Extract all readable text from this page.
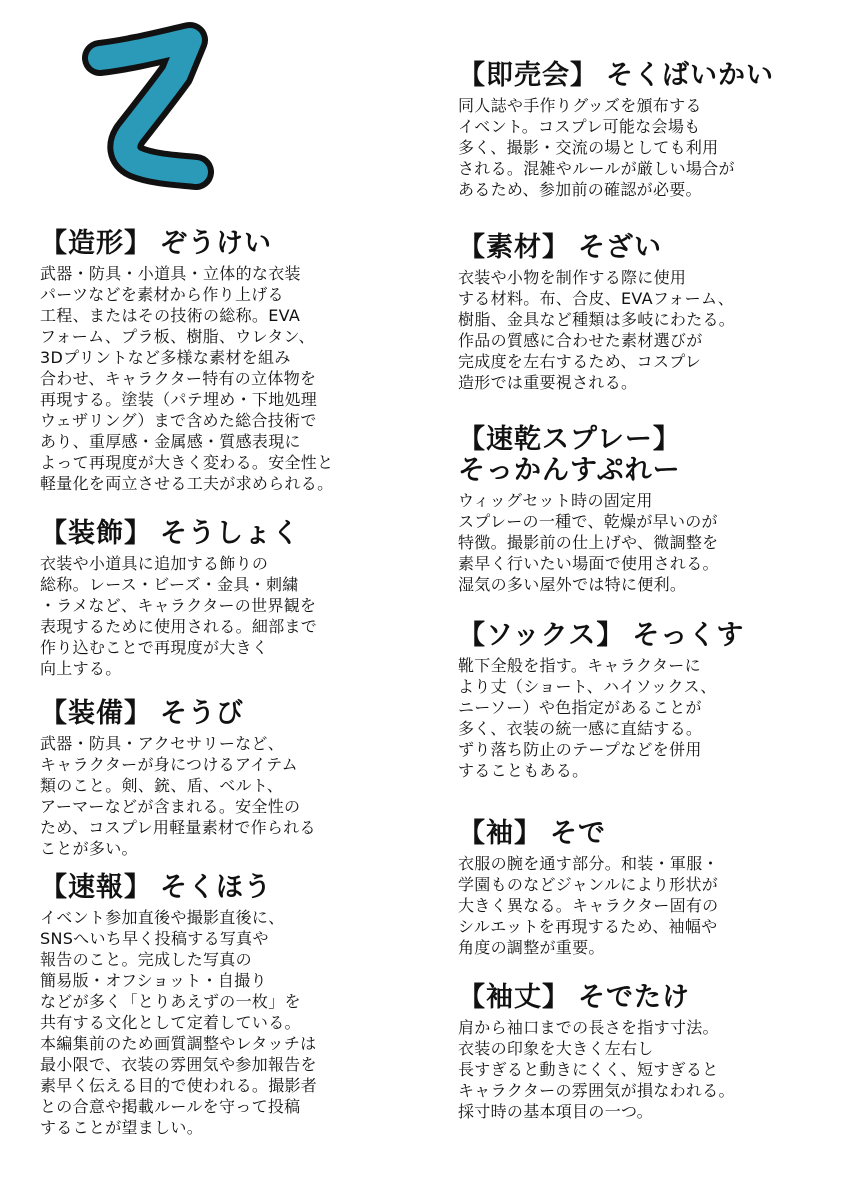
【造形】 ぞうけい

武器・防具・小道具・立体的な衣装
パーツなどを素材から作り上げる
工程、またはその技術の総称。EVA
フォーム、プラ板、樹脂、ウレタン、
3Dプリントなど多様な素材を組み
合わせ、キャラクター特有の立体物を
再現する。塗装（パテ埋め・下地処理
ウェザリング）まで含めた総合技術で
あり、重厚感・金属感・質感表現に
よって再現度が大きく変わる。安全性と
軽量化を両立させる工夫が求められる。

【装飾】 そうしょく

衣装や小道具に追加する飾りの
総称。レース・ビーズ・金具・刺繍
・ラメなど、キャラクターの世界観を
表現するために使用される。細部まで
作り込むことで再現度が大きく
向上する。

【装備】 そうび

武器・防具・アクセサリーなど、
キャラクターが身につけるアイテム
類のこと。剣、銃、盾、ベルト、
アーマーなどが含まれる。安全性の
ため、コスプレ用軽量素材で作られる
ことが多い。

【速報】 そくほう

イベント参加直後や撮影直後に、
SNSへいち早く投稿する写真や
報告のこと。完成した写真の
簡易版・オフショット・自撮り
などが多く「とりあえずの一枚」を
共有する文化として定着している。
本編集前のため画質調整やレタッチは
最小限で、衣装の雰囲気や参加報告を
素早く伝える目的で使われる。撮影者
との合意や掲載ルールを守って投稿
することが望ましい。

【即売会】 そくばいかい

同人誌や手作りグッズを頒布する
イベント。コスプレ可能な会場も
多く、撮影・交流の場としても利用
される。混雑やルールが厳しい場合が
あるため、参加前の確認が必要。

【素材】 そざい

衣装や小物を制作する際に使用
する材料。布、合皮、EVAフォーム、
樹脂、金具など種類は多岐にわたる。
作品の質感に合わせた素材選びが
完成度を左右するため、コスプレ
造形では重要視される。

【速乾スプレー】
そっかんすぷれー

ウィッグセット時の固定用
スプレーの一種で、乾燥が早いのが
特徴。撮影前の仕上げや、微調整を
素早く行いたい場面で使用される。
湿気の多い屋外では特に便利。

【ソックス】 そっくす

靴下全般を指す。キャラクターに
より丈（ショート、ハイソックス、
ニーソー）や色指定があることが
多く、衣装の統一感に直結する。
ずり落ち防止のテープなどを併用
することもある。

【袖】 そで

衣服の腕を通す部分。和装・軍服・
学園ものなどジャンルにより形状が
大きく異なる。キャラクター固有の
シルエットを再現するため、袖幅や
角度の調整が重要。

【袖丈】 そでたけ

肩から袖口までの長さを指す寸法。
衣装の印象を大きく左右し
長すぎると動きにくく、短すぎると
キャラクターの雰囲気が損なわれる。
採寸時の基本項目の一つ。
